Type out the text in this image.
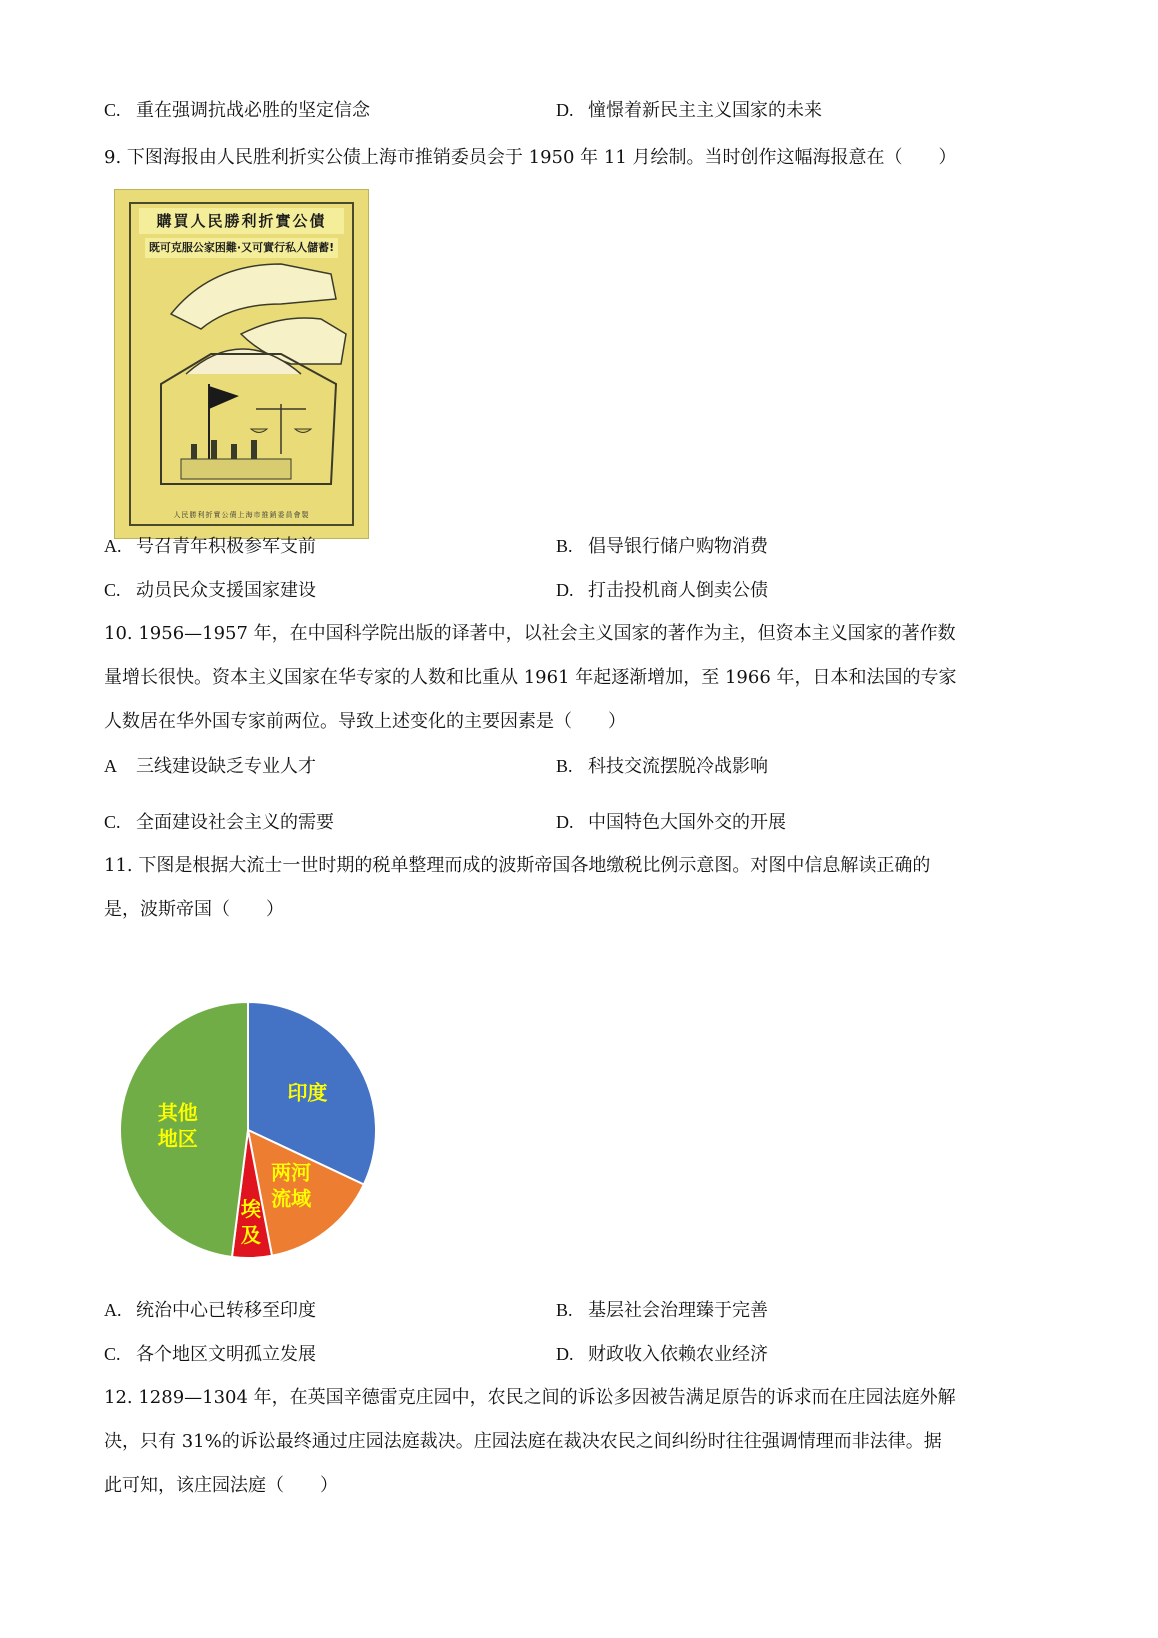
C. 重在强调抗战必胜的坚定信念	D. 憧憬着新民主主义国家的未来
9. 下图海报由人民胜利折实公债上海市推销委员会于 1950 年 11 月绘制。当时创作这幅海报意在（　　）
購買人民勝利折實公債
既可克服公家困難·又可實行私人儲蓄!
人民勝利折實公債上海市推銷委員會製
A. 号召青年积极参军支前	B. 倡导银行储户购物消费
C. 动员民众支援国家建设	D. 打击投机商人倒卖公债
10. 1956—1957 年，在中国科学院出版的译著中，以社会主义国家的著作为主，但资本主义国家的著作数
量增长很快。资本主义国家在华专家的人数和比重从 1961 年起逐渐增加，至 1966 年，日本和法国的专家
人数居在华外国专家前两位。导致上述变化的主要因素是（　　）
A 三线建设缺乏专业人才	B. 科技交流摆脱冷战影响
C. 全面建设社会主义的需要	D. 中国特色大国外交的开展
11. 下图是根据大流士一世时期的税单整理而成的波斯帝国各地缴税比例示意图。对图中信息解读正确的
是，波斯帝国（　　）
印度
两河流域
埃及
其他地区
A. 统治中心已转移至印度	B. 基层社会治理臻于完善
C. 各个地区文明孤立发展	D. 财政收入依赖农业经济
12. 1289—1304 年，在英国辛德雷克庄园中，农民之间的诉讼多因被告满足原告的诉求而在庄园法庭外解
决，只有 31%的诉讼最终通过庄园法庭裁决。庄园法庭在裁决农民之间纠纷时往往强调情理而非法律。据
此可知，该庄园法庭（　　）
